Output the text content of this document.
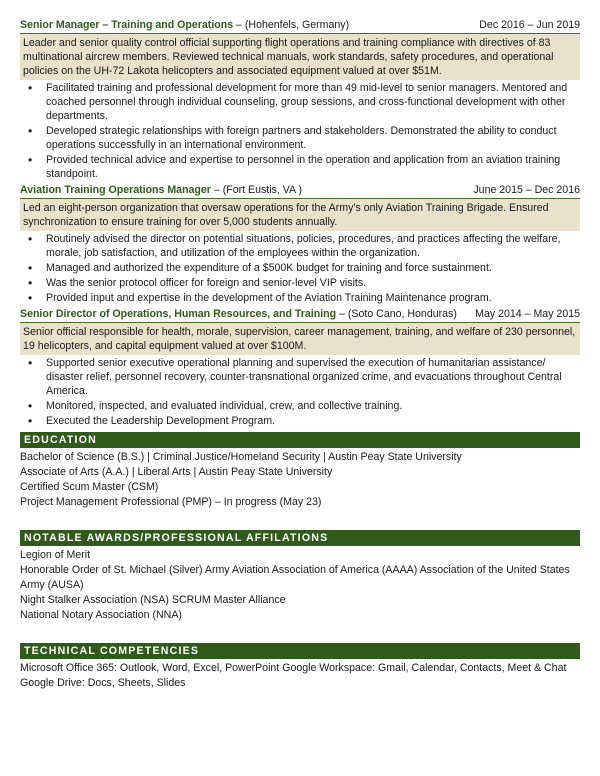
Senior Manager – Training and Operations – (Hohenfels, Germany)	Dec 2016 – Jun 2019
Leader and senior quality control official supporting flight operations and training compliance with directives of 83 multinational aircrew members. Reviewed technical manuals, work standards, safety procedures, and operational policies on the UH-72 Lakota helicopters and associated equipment valued at over $51M.
• Facilitated training and professional development for more than 49 mid-level to senior managers. Mentored and coached personnel through individual counseling, group sessions, and cross-functional development with other departments.
• Developed strategic relationships with foreign partners and stakeholders. Demonstrated the ability to conduct operations successfully in an international environment.
• Provided technical advice and expertise to personnel in the operation and application from an aviation training standpoint.
Aviation Training Operations Manager – (Fort Eustis, VA )	June 2015 – Dec 2016
Led an eight-person organization that oversaw operations for the Army’s only Aviation Training Brigade. Ensured synchronization to ensure training for over 5,000 students annually.
• Routinely advised the director on potential situations, policies, procedures, and practices affecting the welfare, morale, job satisfaction, and utilization of the employees within the organization.
• Managed and authorized the expenditure of a $500K budget for training and force sustainment.
• Was the senior protocol officer for foreign and senior-level VIP visits.
• Provided input and expertise in the development of the Aviation Training Maintenance program.
Senior Director of Operations, Human Resources, and Training – (Soto Cano, Honduras) May 2014 – May 2015
Senior official responsible for health, morale, supervision, career management, training, and welfare of 230 personnel, 19 helicopters, and capital equipment valued at over $100M.
• Supported senior executive operational planning and supervised the execution of humanitarian assistance/ disaster relief, personnel recovery, counter-transnational organized crime, and evacuations throughout Central America.
• Monitored, inspected, and evaluated individual, crew, and collective training.
• Executed the Leadership Development Program.
EDUCATION
Bachelor of Science (B.S.) | Criminal Justice/Homeland Security | Austin Peay State University
Associate of Arts (A.A.) | Liberal Arts | Austin Peay State University
Certified Scum Master (CSM)
Project Management Professional (PMP) – In progress (May 23)
NOTABLE AWARDS/PROFESSIONAL AFFILATIONS
Legion of Merit
Honorable Order of St. Michael (Silver) Army Aviation Association of America (AAAA) Association of the United States Army (AUSA)
Night Stalker Association (NSA) SCRUM Master Alliance
National Notary Association (NNA)
TECHNICAL COMPETENCIES
Microsoft Office 365: Outlook, Word, Excel, PowerPoint Google Workspace: Gmail, Calendar, Contacts, Meet & Chat Google Drive: Docs, Sheets, Slides
